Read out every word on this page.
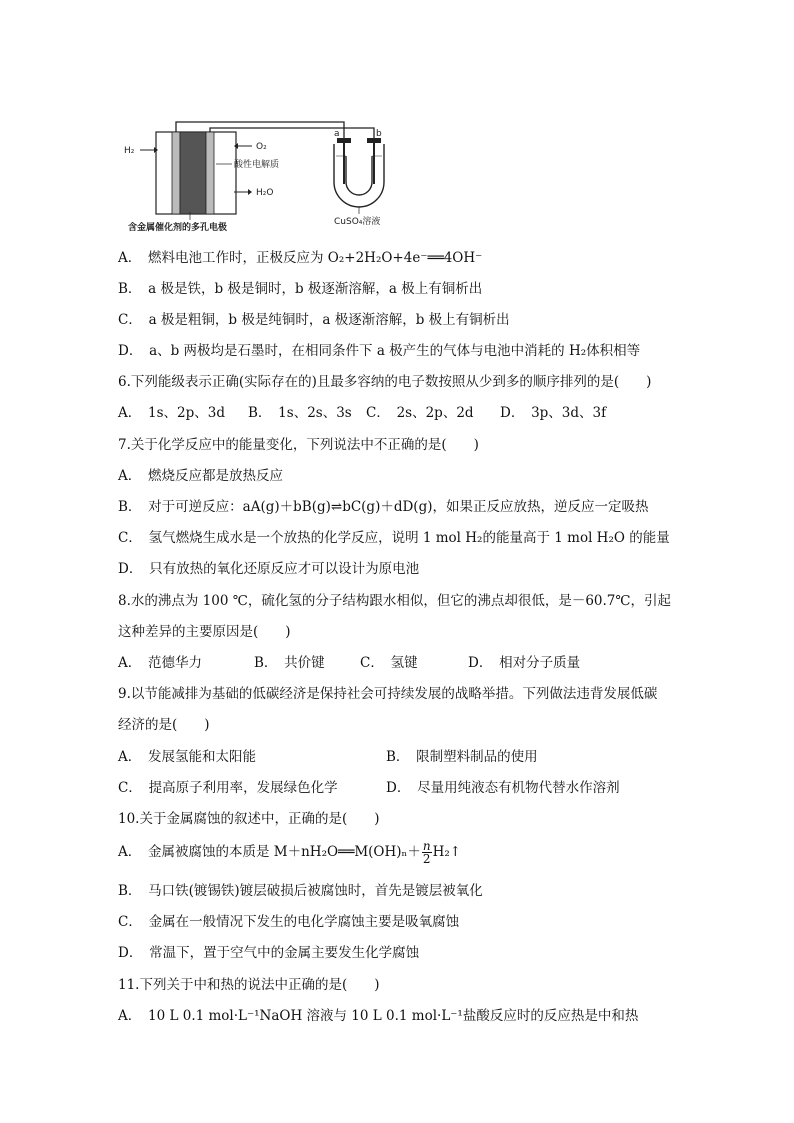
H₂	O₂
酸性电解质
H₂O
含金属催化剂的多孔电极
a	b
CuSO₄溶液
A．　燃料电池工作时，正极反应为 O₂+2H₂O+4e⁻══4OH⁻
B．　a 极是铁，b 极是铜时，b 极逐渐溶解，a 极上有铜析出
C．　a 极是粗铜，b 极是纯铜时，a 极逐渐溶解，b 极上有铜析出
D．　a、b 两极均是石墨时，在相同条件下 a 极产生的气体与电池中消耗的 H₂体积相等
6.下列能级表示正确(实际存在的)且最多容纳的电子数按照从少到多的顺序排列的是(　　)
A．　1s、2p、3d B．　1s、2s、3s C．　2s、2p、2d D．　3p、3d、3f
7.关于化学反应中的能量变化，下列说法中不正确的是(　　)
A．　燃烧反应都是放热反应
B．　对于可逆反应：aA(g)＋bB(g)⇌bC(g)＋dD(g)，如果正反应放热，逆反应一定吸热
C．　氢气燃烧生成水是一个放热的化学反应，说明 1 mol H₂的能量高于 1 mol H₂O 的能量
D．　只有放热的氧化还原反应才可以设计为原电池
8.水的沸点为 100 ℃，硫化氢的分子结构跟水相似，但它的沸点却很低，是－60.7℃，引起
这种差异的主要原因是(　　)
A．　范德华力	B．　共价键	C．　氢键	D．　相对分子质量
9.以节能减排为基础的低碳经济是保持社会可持续发展的战略举措。下列做法违背发展低碳
经济的是(　　)
A．　发展氢能和太阳能	B．　限制塑料制品的使用
C．　提高原子利用率，发展绿色化学	D．　尽量用纯液态有机物代替水作溶剂
10.关于金属腐蚀的叙述中，正确的是(　　)
A．　金属被腐蚀的本质是 M＋nH₂O══M(OH)ₙ＋ $\frac{n}{2}$ H₂↑
B．　马口铁(镀锡铁)镀层破损后被腐蚀时，首先是镀层被氧化
C．　金属在一般情况下发生的电化学腐蚀主要是吸氧腐蚀
D．　常温下，置于空气中的金属主要发生化学腐蚀
11.下列关于中和热的说法中正确的是(　　)
A．　10 L 0.1 mol·L⁻¹NaOH 溶液与 10 L 0.1 mol·L⁻¹盐酸反应时的反应热是中和热
